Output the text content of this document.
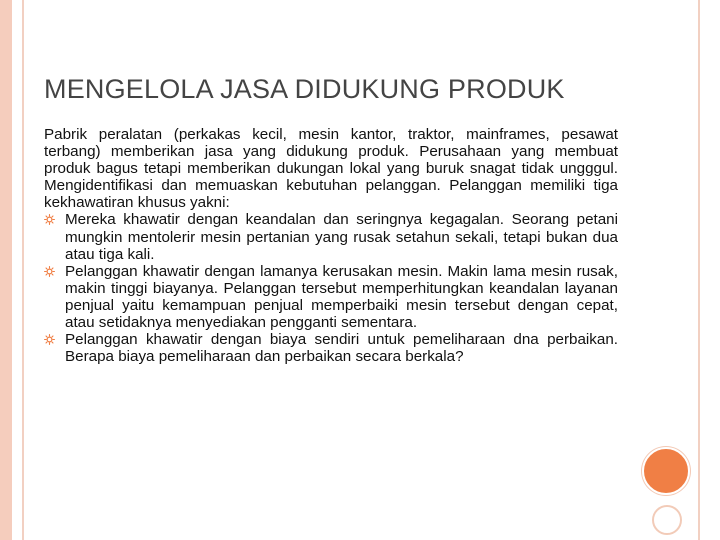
MENGELOLA JASA DIDUKUNG PRODUK

Pabrik peralatan (perkakas kecil, mesin kantor, traktor, mainframes, pesawat terbang) memberikan jasa yang didukung produk. Perusahaan yang membuat produk bagus tetapi memberikan dukungan lokal yang buruk snagat tidak ungggul. Mengidentifikasi dan memuaskan kebutuhan pelanggan. Pelanggan memiliki tiga kekhawatiran khusus yakni:

Mereka khawatir dengan keandalan dan seringnya kegagalan. Seorang petani mungkin mentolerir mesin pertanian yang rusak setahun sekali, tetapi bukan dua atau tiga kali.
Pelanggan khawatir dengan lamanya kerusakan mesin. Makin lama mesin rusak, makin tinggi biayanya. Pelanggan tersebut memperhitungkan keandalan layanan penjual yaitu kemampuan penjual memperbaiki mesin tersebut dengan cepat, atau setidaknya menyediakan pengganti sementara.
Pelanggan khawatir dengan biaya sendiri untuk pemeliharaan dna perbaikan. Berapa biaya pemeliharaan dan perbaikan secara berkala?
